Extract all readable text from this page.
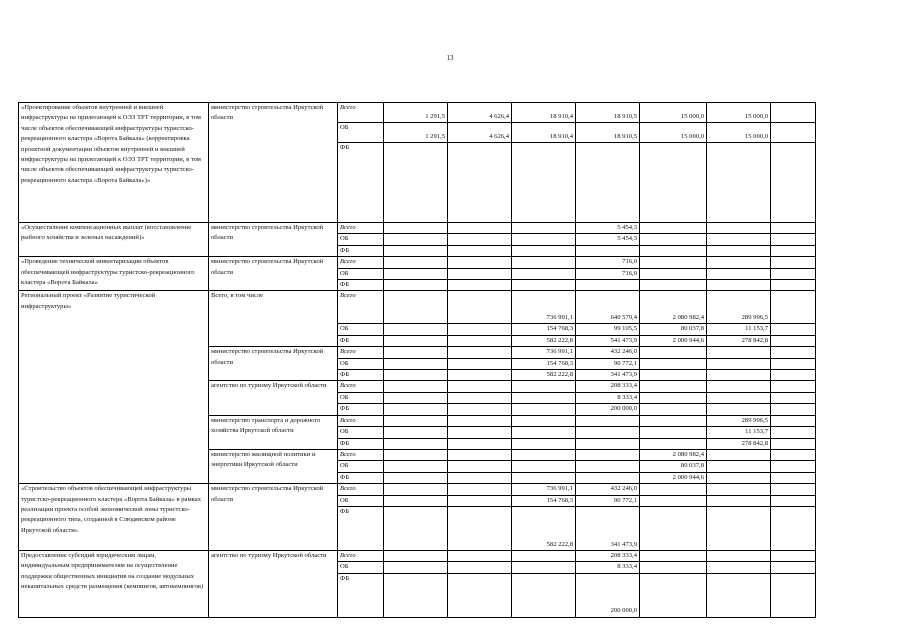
13
«Проектирование объектов внутренней и внешней инфраструктуры на прилегающей к ОЭЗ ТРТ территории, в том числе объектов обеспечивающей инфраструктуры туристско-рекреационного кластера «Ворота Байкала» (корректировка проектной документации объектов внутренней и внешней инфраструктуры на прилегающей к ОЭЗ ТРТ территории, в том числе объектов обеспечивающей инфраструктуры туристско-рекреационного кластера «Ворота Байкала»)»	министерство строительства Иркутской области	Всего	1 291,5	4 626,4	18 910,4	18 910,5	15 000,0	15 000,0	
		ОБ	1 291,5	4 626,4	18 910,4	18 910,5	15 000,0	15 000,0	
		ФБ							
«Осуществление компенсационных выплат (восстановление рыбного хозяйства и зеленых насаждений)»	министерство строительства Иркутской области	Всего				5 454,3			
		ОБ				5 454,3			
		ФБ							
«Проведение технической инвентаризации объектов обеспечивающей инфраструктуры туристско-рекреационного кластера «Ворота Байкала»	министерство строительства Иркутской области	Всего				716,0			
		ОБ				716,0			
		ФБ							
Региональный проект «Развитие туристической инфраструктуры»	Всего, в том числе	Всего			736 991,1	640 579,4	2 080 982,4	289 996,5	
		ОБ			154 768,3	99 105,5	80 037,8	11 153,7	
		ФБ			582 222,8	541 473,9	2 000 944,6	278 842,8	
	министерство строительства Иркутской области	Всего			736 991,1	432 246,0			
		ОБ			154 768,3	90 772,1			
		ФБ			582 222,8	341 473,9			
	агентство по туризму Иркутской области	Всего				208 333,4			
		ОБ				8 333,4			
		ФБ				200 000,0			
	министерство транспорта и дорожного хозяйства Иркутской области	Всего						289 996,5	
		ОБ						11 153,7	
		ФБ						278 842,8	
	министерство жилищной политики и энергетики Иркутской области	Всего					2 080 982,4		
		ОБ					80 037,8		
		ФБ					2 000 944,6		
«Строительство объектов обеспечивающей инфраструктуры туристско-рекреационного кластера «Ворота Байкала» в рамках реализации проекта особой экономической зоны туристско-рекреационного типа, созданной в Слюдянском районе Иркутской области»	министерство строительства Иркутской области	Всего			736 991,1	432 246,0			
		ОБ			154 768,3	90 772,1			
		ФБ			582 222,8	341 473,9			
Предоставление субсидий юридическим лицам, индивидуальным предпринимателям на осуществление поддержки общественных инициатив на создание модульных некапитальных средств размещения (кемпингов, автокемпингов)	агентство по туризму Иркутской области	Всего				208 333,4			
		ОБ				8 333,4			
		ФБ				200 000,0			
